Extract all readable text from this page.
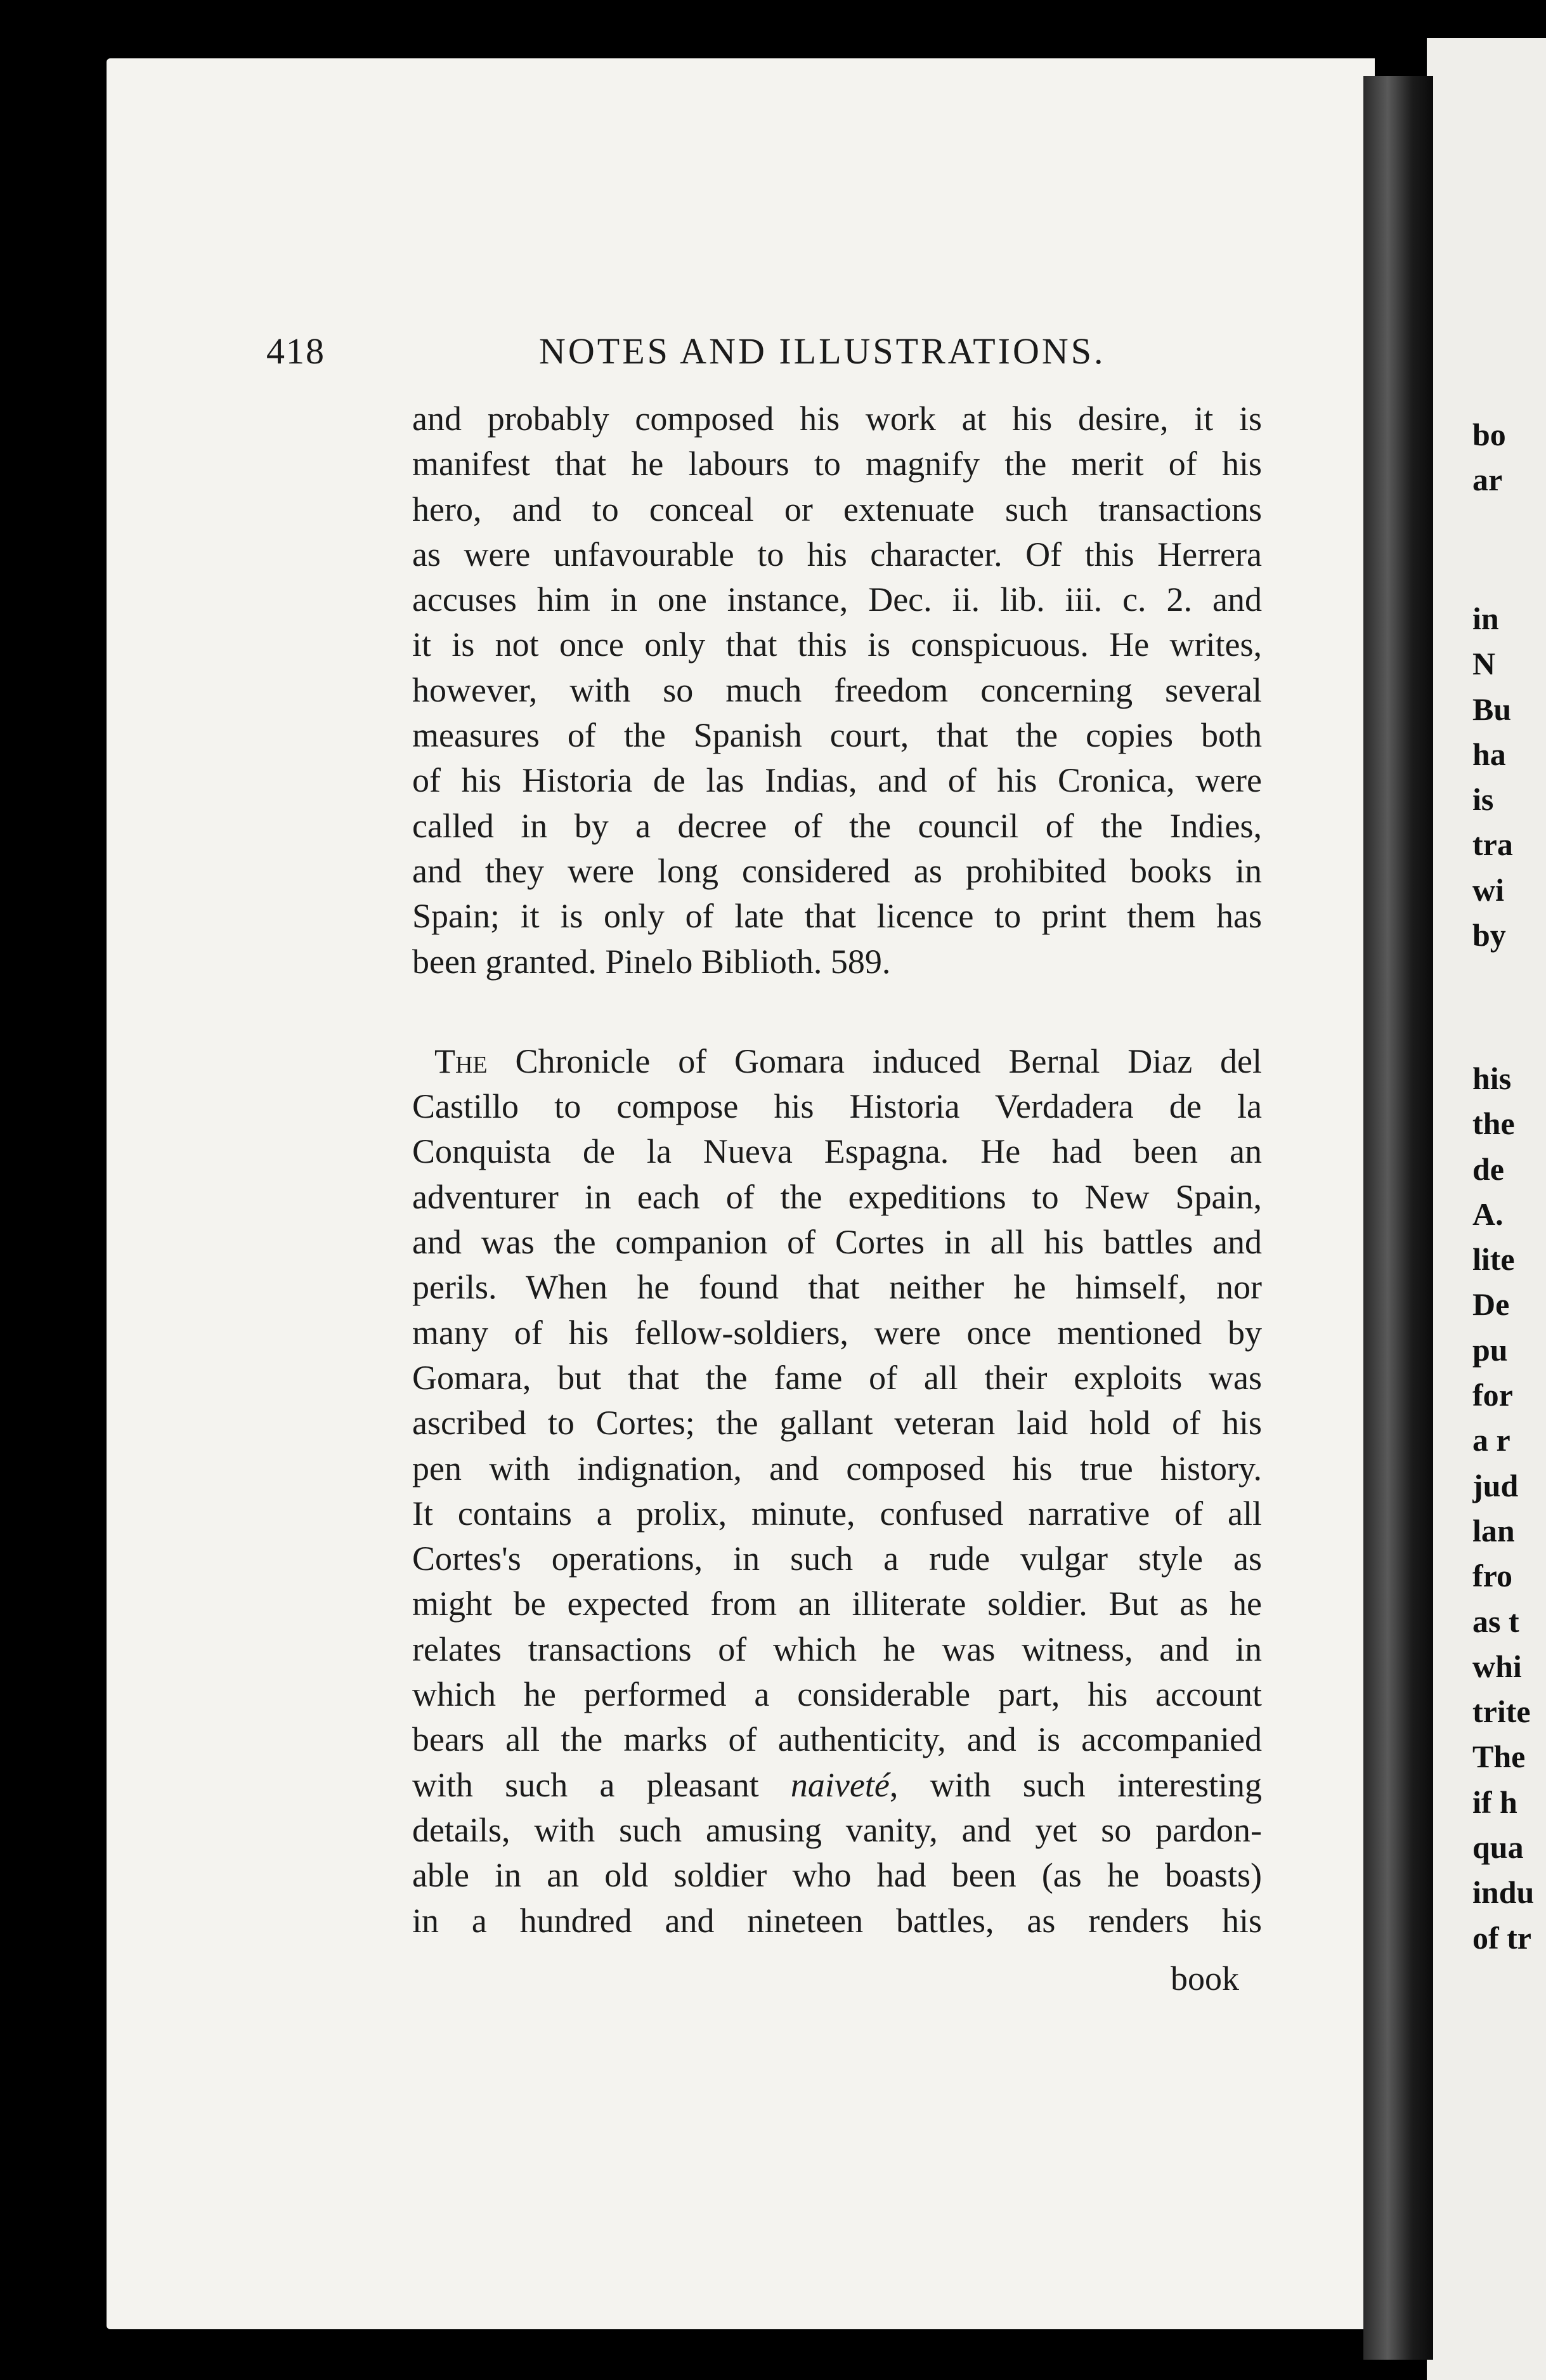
418	NOTES AND ILLUSTRATIONS.
and probably composed his work at his desire, it is
manifest that he labours to magnify the merit of his
hero, and to conceal or extenuate such transactions
as were unfavourable to his character. Of this Herrera
accuses him in one instance, Dec. ii. lib. iii. c. 2. and
it is not once only that this is conspicuous. He writes,
however, with so much freedom concerning several
measures of the Spanish court, that the copies both
of his Historia de las Indias, and of his Cronica, were
called in by a decree of the council of the Indies,
and they were long considered as prohibited books in
Spain; it is only of late that licence to print them has
been granted. Pinelo Biblioth. 589.
The Chronicle of Gomara induced Bernal Diaz del
Castillo to compose his Historia Verdadera de la
Conquista de la Nueva Espagna. He had been an
adventurer in each of the expeditions to New Spain,
and was the companion of Cortes in all his battles and
perils. When he found that neither he himself, nor
many of his fellow-soldiers, were once mentioned by
Gomara, but that the fame of all their exploits was
ascribed to Cortes; the gallant veteran laid hold of his
pen with indignation, and composed his true history.
It contains a prolix, minute, confused narrative of all
Cortes's operations, in such a rude vulgar style as
might be expected from an illiterate soldier. But as he
relates transactions of which he was witness, and in
which he performed a considerable part, his account
bears all the marks of authenticity, and is accompanied
with such a pleasant naiveté, with such interesting
details, with such amusing vanity, and yet so pardon-
able in an old soldier who had been (as he boasts)
in a hundred and nineteen battles, as renders his
book
bo
ar
in
N
Bu
ha
is
tra
wi
by
his
the
de
A.
lite
De
pu
for
a r
jud
lan
fro
as t
whi
trite
The
if h
qua
indu
of tr
